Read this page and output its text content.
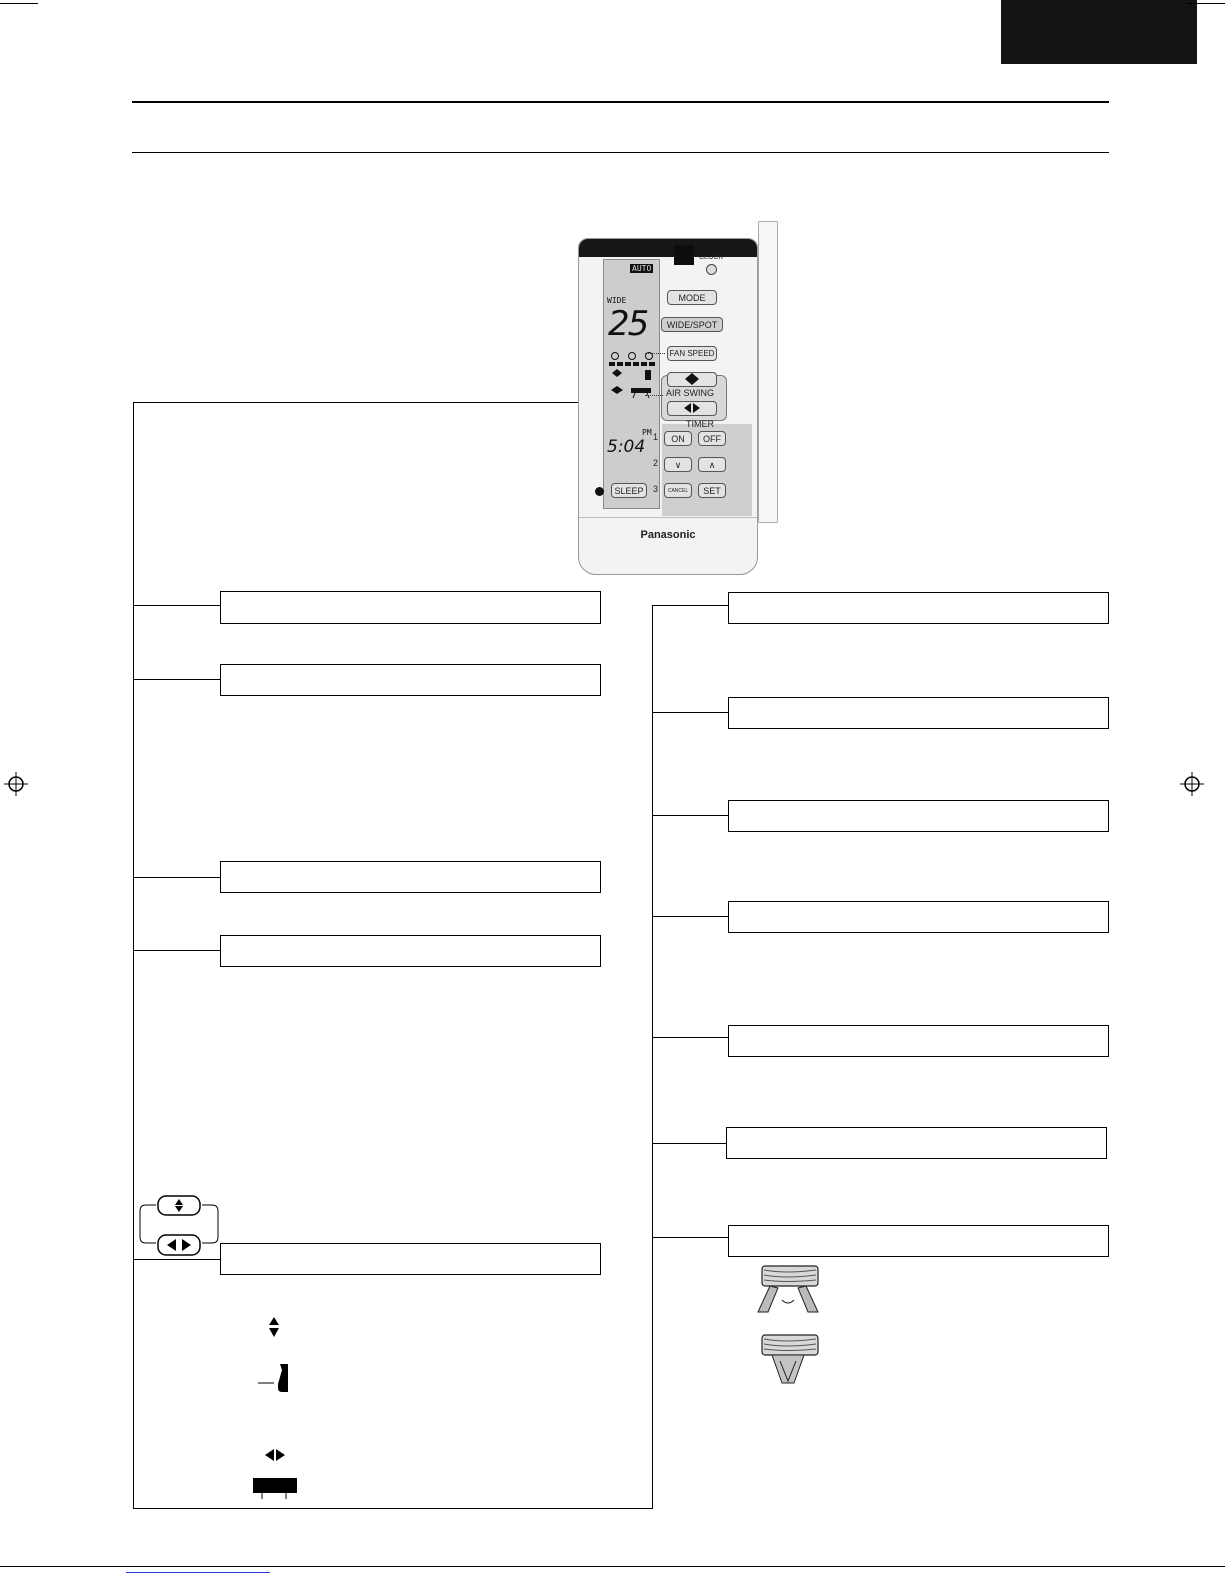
AUTO
WIDE
25
PM
5:04
CLOCK
MODE
WIDE/SPOT
FAN SPEED
AIR SWING
TIMER
1
2
3
ON	OFF
∨	∧
CANCEL	SET
SLEEP
Panasonic
